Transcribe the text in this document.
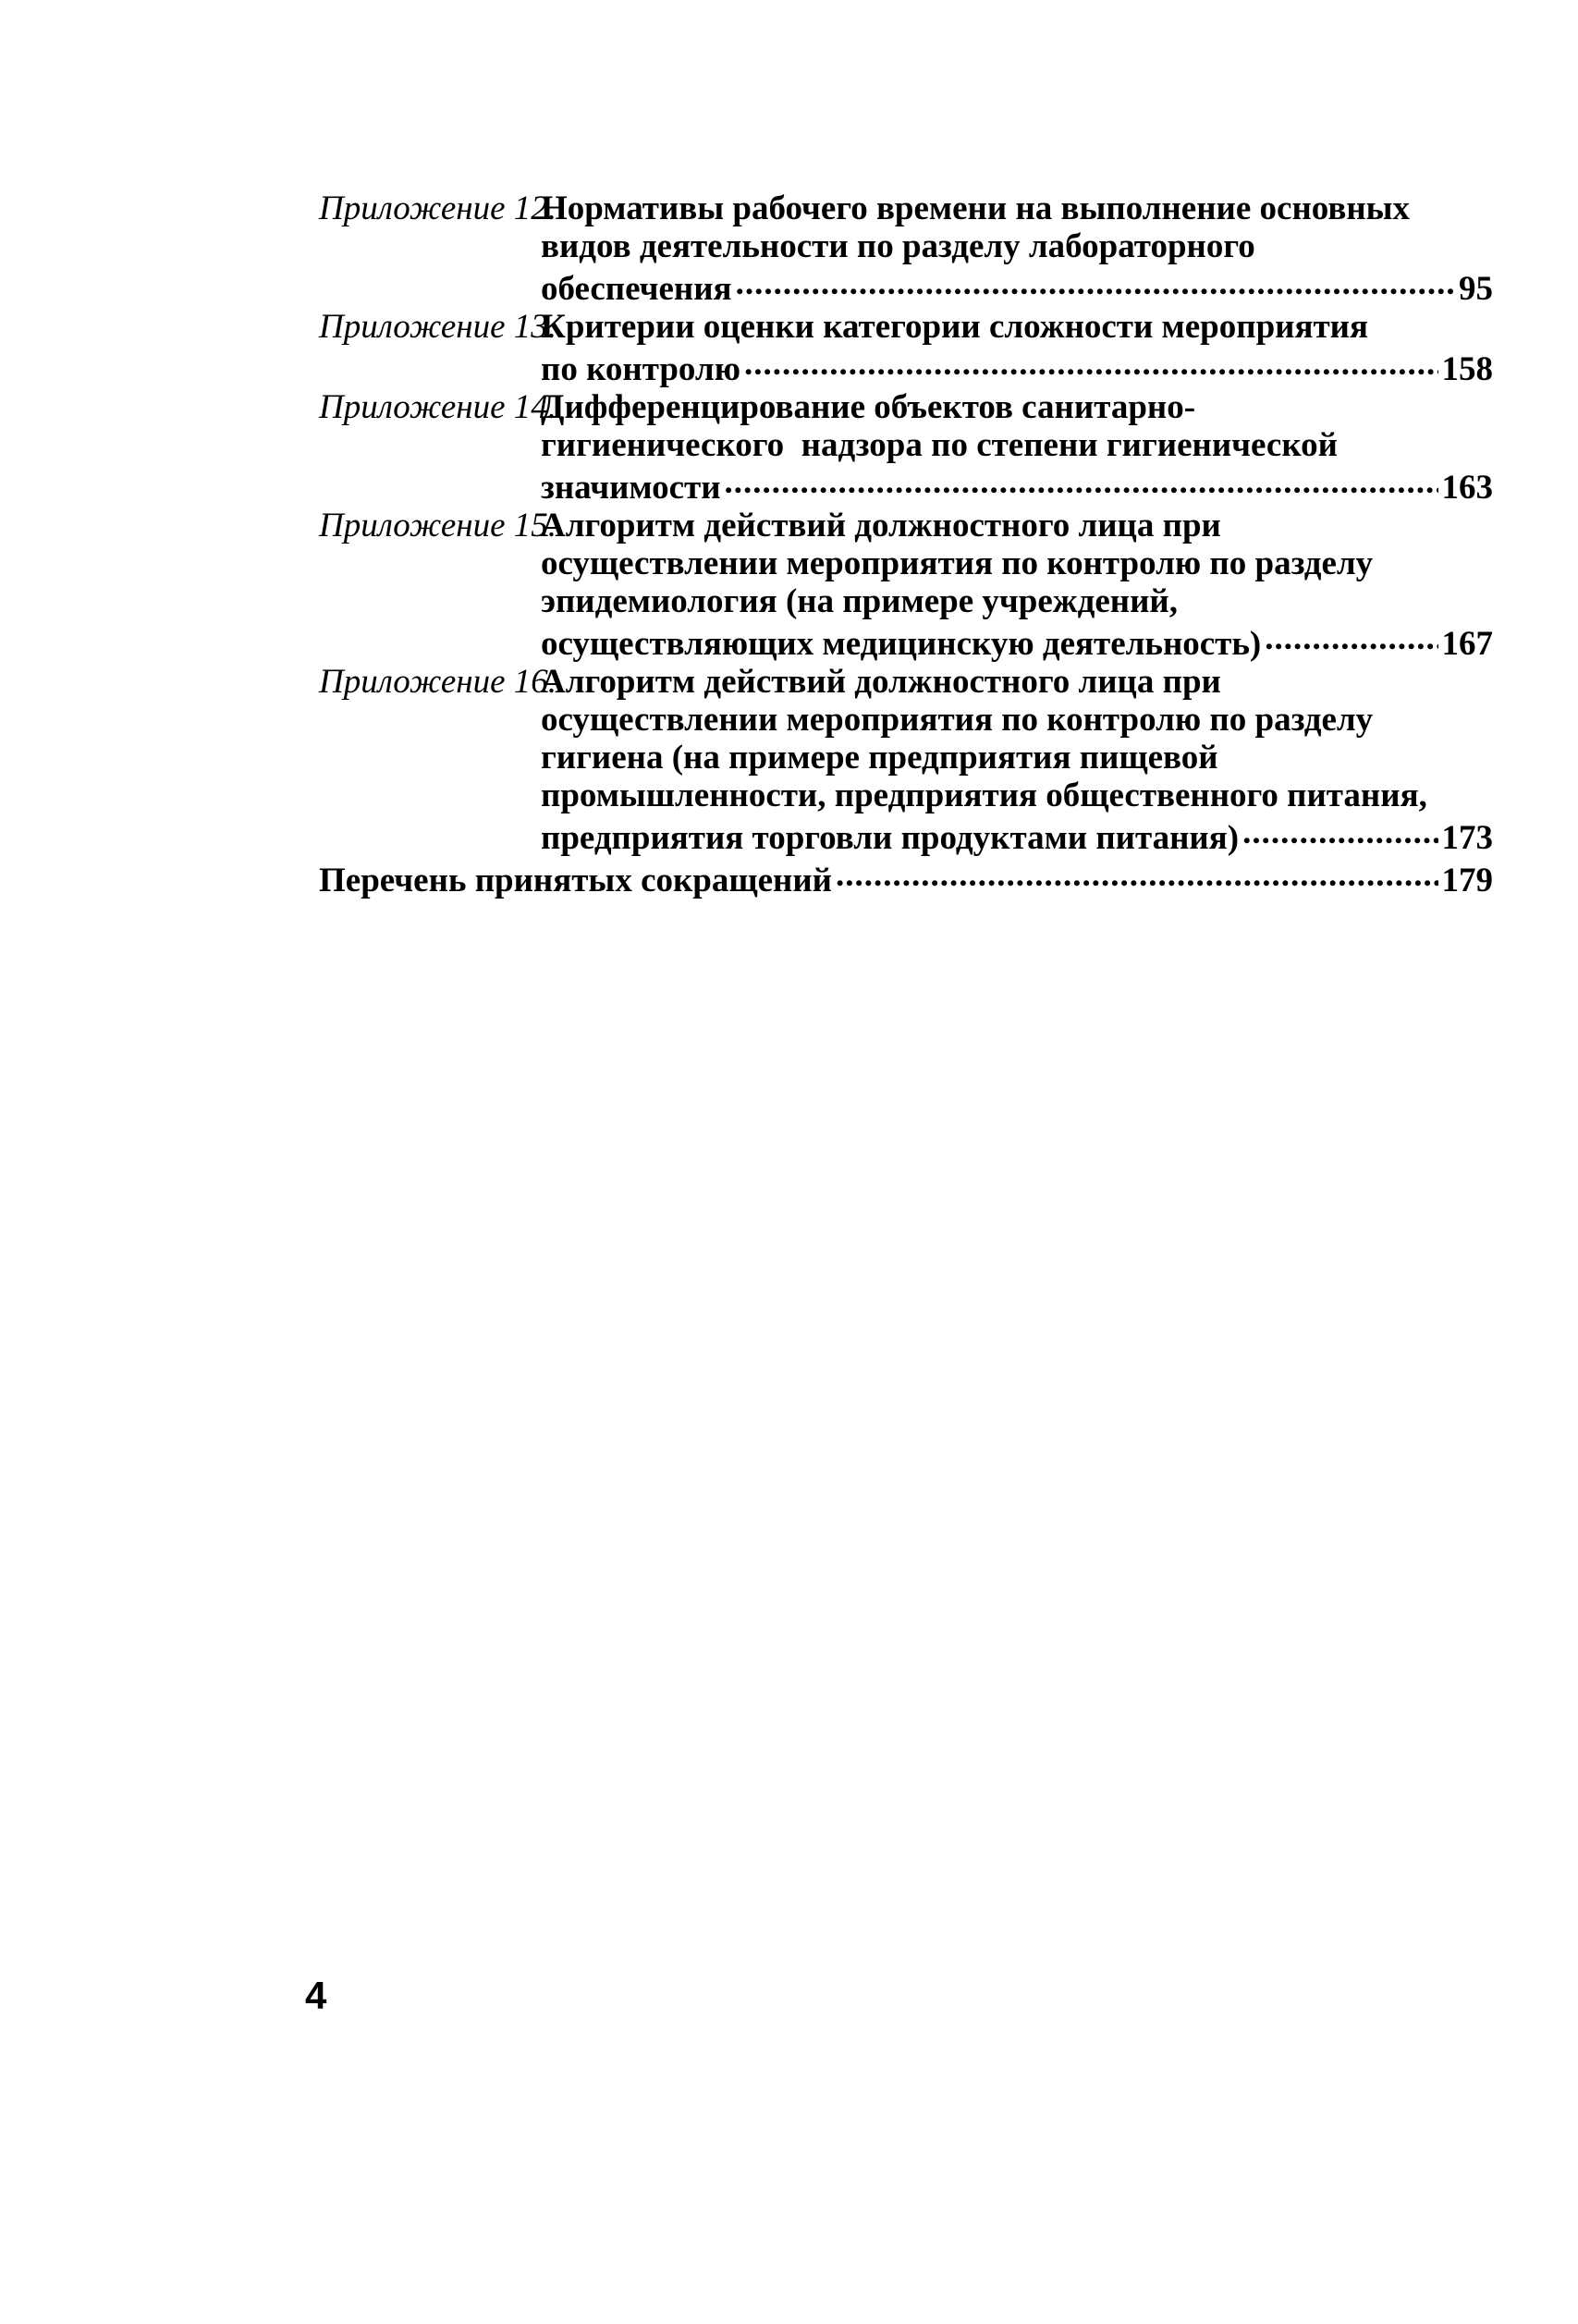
Приложение 12.

Нормативы рабочего времени на выполнение основных

видов деятельности по разделу лабораторного

обеспечения .....	95
Приложение 13.

Критерии оценки категории сложности мероприятия

по контролю .....	158
Приложение 14.

Дифференцирование объектов санитарно-

гигиенического  надзора по степени гигиенической

значимости .....	163
Приложение 15.

Алгоритм действий должностного лица при

осуществлении мероприятия по контролю по разделу

эпидемиология (на примере учреждений,

осуществляющих медицинскую деятельность) .....	167
Приложение 16.

Алгоритм действий должностного лица при

осуществлении мероприятия по контролю по разделу

гигиена (на примере предприятия пищевой

промышленности, предприятия общественного питания,

предприятия торговли продуктами питания) .....	173
Перечень принятых сокращений .....	179
4
